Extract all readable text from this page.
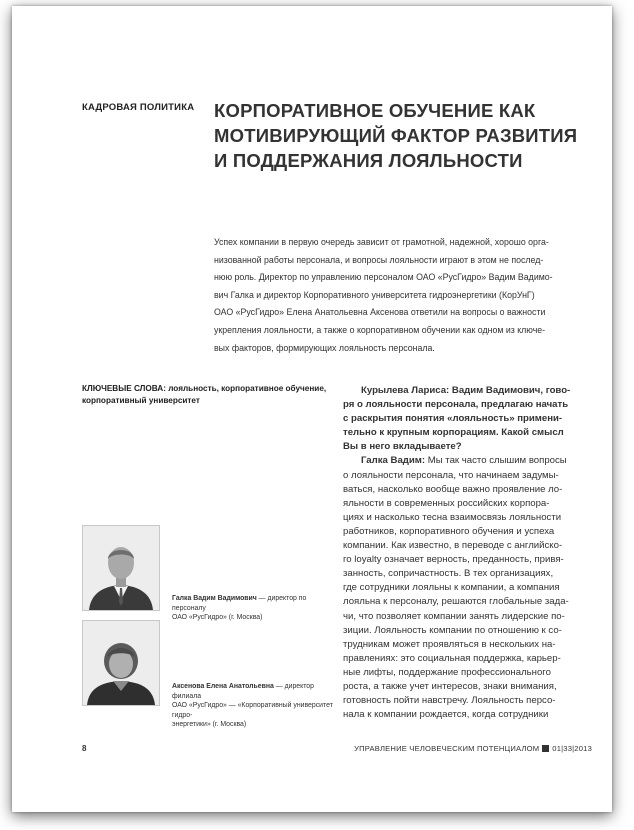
КАДРОВАЯ ПОЛИТИКА КОРПОРАТИВНОЕ ОБУЧЕНИЕ КАК
МОТИВИРУЮЩИЙ ФАКТОР РАЗВИТИЯ
И ПОДДЕРЖАНИЯ ЛОЯЛЬНОСТИ
Успех компании в первую очередь зависит от грамотной, надежной, хорошо орга-
низованной работы персонала, и вопросы лояльности играют в этом не послед-
нюю роль. Директор по управлению персоналом ОАО «РусГидро» Вадим Вадимо-
вич Галка и директор Корпоративного университета гидроэнергетики (КорУнГ)
ОАО «РусГидро» Елена Анатольевна Аксенова ответили на вопросы о важности
укрепления лояльности, а также о корпоративном обучении как одном из ключе-
вых факторов, формирующих лояльность персонала.
КЛЮЧЕВЫЕ СЛОВА: лояльность, корпоративное обучение, корпоративный университет
Курылева Лариса: Вадим Вадимович, гово-
ря о лояльности персонала, предлагаю начать
с раскрытия понятия «лояльность» примени-
тельно к крупным корпорациям. Какой смысл
Вы в него вкладываете?
Галка Вадим: Мы так часто слышим вопросы
о лояльности персонала, что начинаем задумы-
ваться, насколько вообще важно проявление ло-
яльности в современных российских корпора-
циях и насколько тесна взаимосвязь лояльности
работников, корпоративного обучения и успеха
компании. Как известно, в переводе с английско-
го loyalty означает верность, преданность, привя-
занность, сопричастность. В тех организациях,
где сотрудники лояльны к компании, а компания
лояльна к персоналу, решаются глобальные зада-
чи, что позволяет компании занять лидерские по-
зиции. Лояльность компании по отношению к со-
трудникам может проявляться в нескольких на-
правлениях: это социальная поддержка, карьер-
ные лифты, поддержание профессионального
роста, а также учет интересов, знаки внимания,
готовность пойти навстречу. Лояльность персо-
нала к компании рождается, когда сотрудники
Галка Вадим Вадимович — директор по персоналу
ОАО «РусГидро» (г. Москва)
Аксенова Елена Анатольевна — директор филиала
ОАО «РусГидро» — «Корпоративный университет гидро-
энергетики» (г. Москва)
8	УПРАВЛЕНИЕ ЧЕЛОВЕЧЕСКИМ ПОТЕНЦИАЛОМ 01|33|2013
